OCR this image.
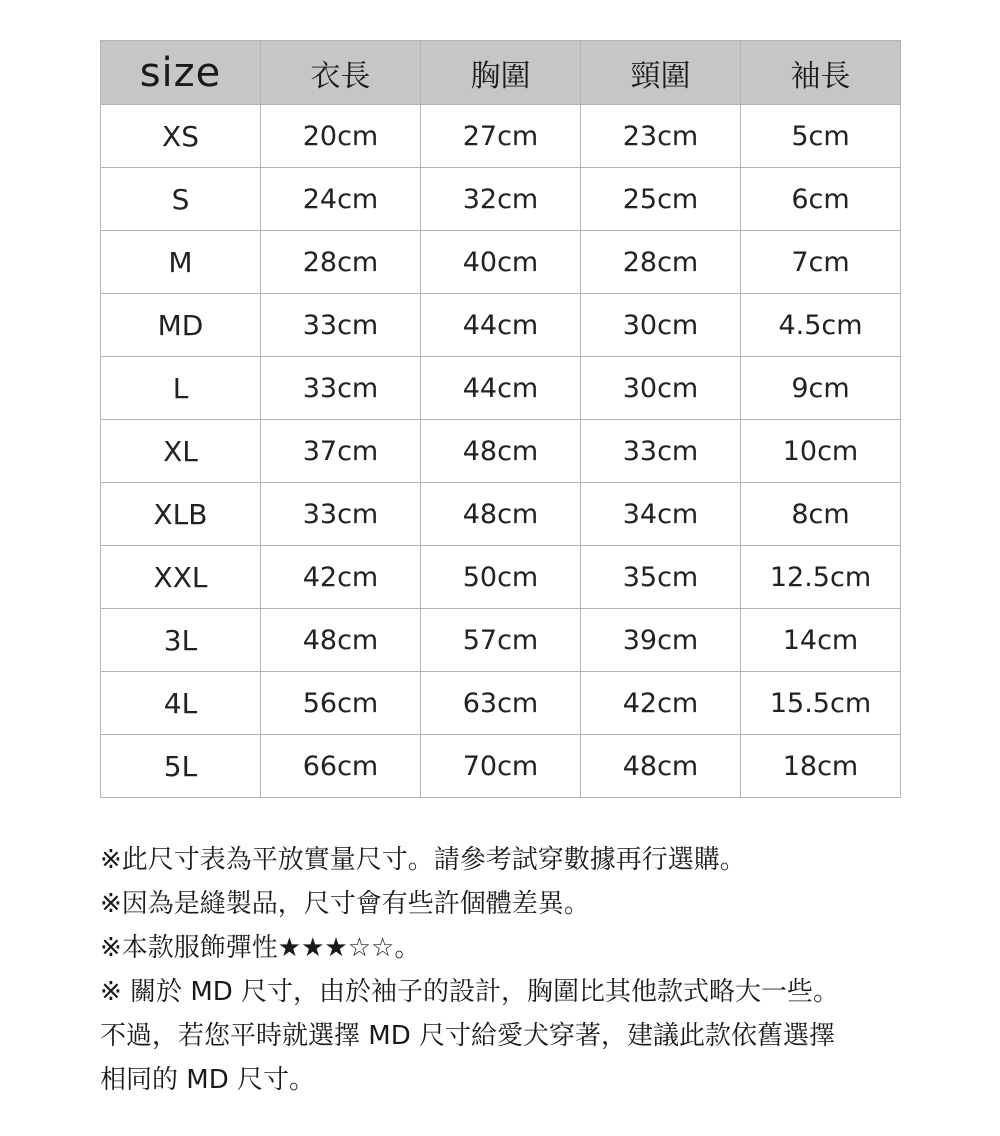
size	衣長	胸圍	頸圍	袖長
XS	20cm	27cm	23cm	5cm
S	24cm	32cm	25cm	6cm
M	28cm	40cm	28cm	7cm
MD	33cm	44cm	30cm	4.5cm
L	33cm	44cm	30cm	9cm
XL	37cm	48cm	33cm	10cm
XLB	33cm	48cm	34cm	8cm
XXL	42cm	50cm	35cm	12.5cm
3L	48cm	57cm	39cm	14cm
4L	56cm	63cm	42cm	15.5cm
5L	66cm	70cm	48cm	18cm
※此尺寸表為平放實量尺寸。請參考試穿數據再行選購。
※因為是縫製品，尺寸會有些許個體差異。
※本款服飾彈性★★★☆☆。
※ 關於 MD 尺寸，由於袖子的設計，胸圍比其他款式略大一些。
不過，若您平時就選擇 MD 尺寸給愛犬穿著，建議此款依舊選擇
相同的 MD 尺寸。
